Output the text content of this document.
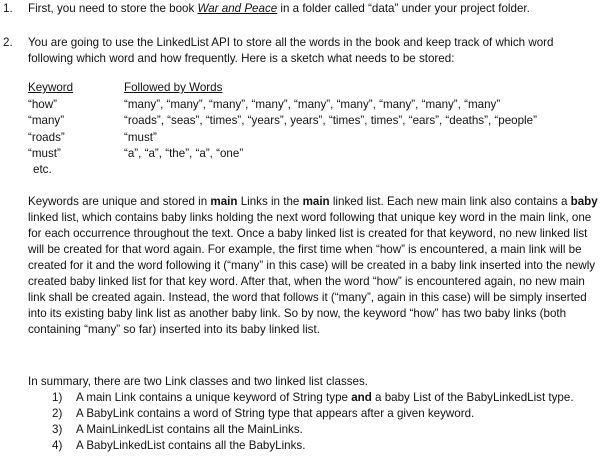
1. First, you need to store the book War and Peace in a folder called “data” under your project folder.
2. You are going to use the LinkedList API to store all the words in the book and keep track of which word following which word and how frequently. Here is a sketch what needs to be stored:
Keyword	Followed by Words
“how”	“many”, “many”, “many”, “many”, “many”, “many”, “many”, “many”, “many”
“many”	“roads”, “seas”, “times”, “years”, years”, “times”, times”, “ears”, “deaths”, “people”
“roads”	“must”
“must”	“a”, “a”, “the”, “a”, “one”
etc.
Keywords are unique and stored in main Links in the main linked list. Each new main link also contains a baby linked list, which contains baby links holding the next word following that unique key word in the main link, one for each occurrence throughout the text. Once a baby linked list is created for that keyword, no new linked list will be created for that word again. For example, the first time when “how” is encountered, a main link will be created for it and the word following it (“many” in this case) will be created in a baby link inserted into the newly created baby linked list for that key word. After that, when the word “how” is encountered again, no new main link shall be created again. Instead, the word that follows it (“many”, again in this case) will be simply inserted into its existing baby link list as another baby link. So by now, the keyword “how” has two baby links (both containing “many” so far) inserted into its baby linked list.
In summary, there are two Link classes and two linked list classes.
1) A main Link contains a unique keyword of String type and a baby List of the BabyLinkedList type.
2) A BabyLink contains a word of String type that appears after a given keyword.
3) A MainLinkedList contains all the MainLinks.
4) A BabyLinkedList contains all the BabyLinks.
